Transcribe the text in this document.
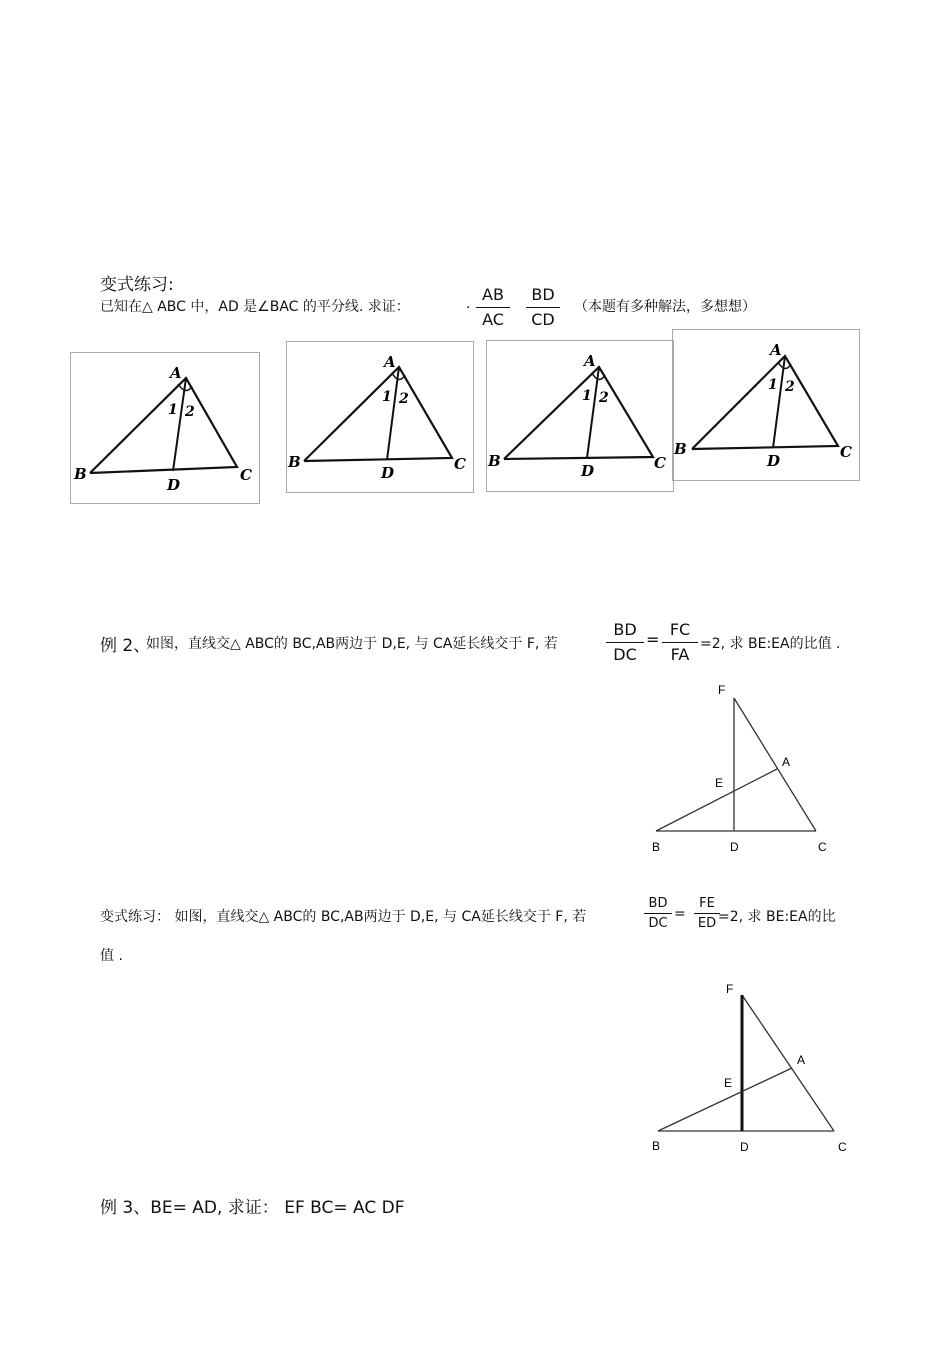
变式练习:
已知在△ ABC 中，AD 是∠BAC 的平分线. 求证：	. AB
AC
BD
CD
（本题有多种解法，多想想）
A
B	C
D
1 2
A
B	C
D
1 2
A
B	C
D
1 2
A
B	C
D
1 2
例 2、
如图，直线交△ ABC的 BC,AB两边于 D,E, 与 CA延长线交于 F, 若
BD
DC
=
FC
FA
=2, 求 BE:EA的比值 .
F
A
E
B	D	C
变式练习： 如图，直线交△ ABC的 BC,AB两边于 D,E, 与 CA延长线交于 F, 若
BD
DC
=
FE
ED =2, 求 BE:EA的比
值 .
F
A
E
B	D	C
例 3、BE= AD, 求证： EF BC= AC DF
